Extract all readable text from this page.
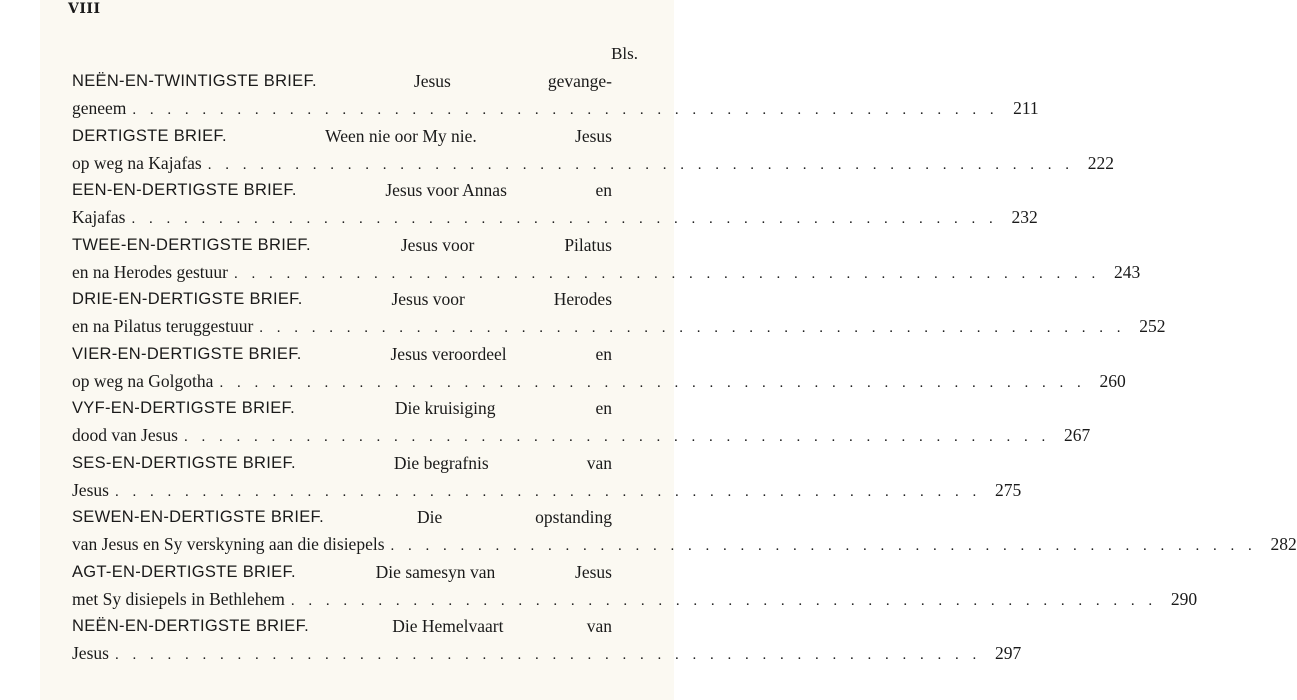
VIII
Bls.
NEËN-EN-TWINTIGSTE BRIEF.	Jesus	gevange-
geneem . . . . . . . . . . . . . . . . . . . . . . . . . . . . . . . . . . . . . . . . . . . . . . . . . . 211
DERTIGSTE BRIEF.	Ween nie oor My nie.	Jesus
op weg na Kajafas . . . . . . . . . . . . . . . . . . . . . . . . . . . . . . . . . . . . . . . . . . . . . . . . . . 222
EEN-EN-DERTIGSTE BRIEF.	Jesus voor Annas	en
Kajafas . . . . . . . . . . . . . . . . . . . . . . . . . . . . . . . . . . . . . . . . . . . . . . . . . . 232
TWEE-EN-DERTIGSTE BRIEF.	Jesus voor	Pilatus
en na Herodes gestuur . . . . . . . . . . . . . . . . . . . . . . . . . . . . . . . . . . . . . . . . . . . . . . . . . . 243
DRIE-EN-DERTIGSTE BRIEF.	Jesus voor	Herodes
en na Pilatus teruggestuur . . . . . . . . . . . . . . . . . . . . . . . . . . . . . . . . . . . . . . . . . . . . . . . . . . 252
VIER-EN-DERTIGSTE BRIEF.	Jesus veroordeel	en
op weg na Golgotha . . . . . . . . . . . . . . . . . . . . . . . . . . . . . . . . . . . . . . . . . . . . . . . . . . 260
VYF-EN-DERTIGSTE BRIEF.	Die kruisiging	en
dood van Jesus . . . . . . . . . . . . . . . . . . . . . . . . . . . . . . . . . . . . . . . . . . . . . . . . . . 267
SES-EN-DERTIGSTE BRIEF.	Die begrafnis	van
Jesus . . . . . . . . . . . . . . . . . . . . . . . . . . . . . . . . . . . . . . . . . . . . . . . . . . 275
SEWEN-EN-DERTIGSTE BRIEF.	Die	opstanding
van Jesus en Sy verskyning aan die disiepels . . . . . . . . . . . . . . . . . . . . . . . . . . . . . . . . . . . . . . . . . . . . . . . . . . 282
AGT-EN-DERTIGSTE BRIEF.	Die samesyn van	Jesus
met Sy disiepels in Bethlehem . . . . . . . . . . . . . . . . . . . . . . . . . . . . . . . . . . . . . . . . . . . . . . . . . . 290
NEËN-EN-DERTIGSTE BRIEF.	Die Hemelvaart	van
Jesus . . . . . . . . . . . . . . . . . . . . . . . . . . . . . . . . . . . . . . . . . . . . . . . . . . 297
